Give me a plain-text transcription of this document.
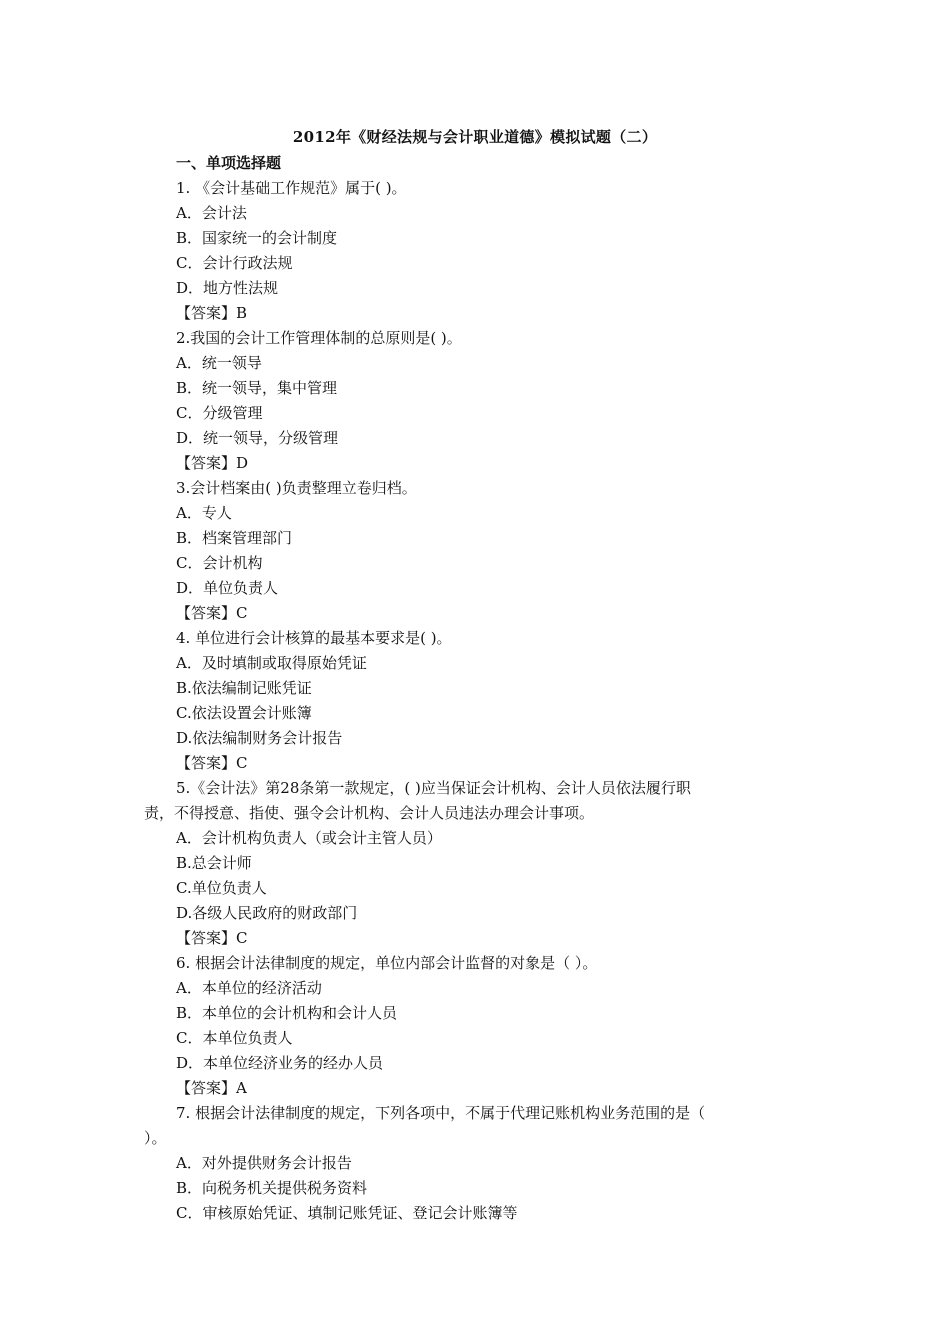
2012年《财经法规与会计职业道德》模拟试题（二）
一、单项选择题
1. 《会计基础工作规范》属于( )。
A．会计法
B．国家统一的会计制度
C．会计行政法规
D．地方性法规
【答案】B
2.我国的会计工作管理体制的总原则是( )。
A．统一领导
B．统一领导，集中管理
C．分级管理
D．统一领导，分级管理
【答案】D
3.会计档案由( )负责整理立卷归档。
A．专人
B．档案管理部门
C．会计机构
D．单位负责人
【答案】C
4. 单位进行会计核算的最基本要求是( )。
A．及时填制或取得原始凭证
B.依法编制记账凭证
C.依法设置会计账簿
D.依法编制财务会计报告
【答案】C
5.《会计法》第28条第一款规定，( )应当保证会计机构、会计人员依法履行职
责，不得授意、指使、强令会计机构、会计人员违法办理会计事项。
A．会计机构负责人（或会计主管人员）
B.总会计师
C.单位负责人
D.各级人民政府的财政部门
【答案】C
6. 根据会计法律制度的规定，单位内部会计监督的对象是（ ）。
A．本单位的经济活动
B．本单位的会计机构和会计人员
C．本单位负责人
D．本单位经济业务的经办人员
【答案】A
7. 根据会计法律制度的规定，下列各项中，不属于代理记账机构业务范围的是（
）。
A．对外提供财务会计报告
B．向税务机关提供税务资料
C．审核原始凭证、填制记账凭证、登记会计账簿等
